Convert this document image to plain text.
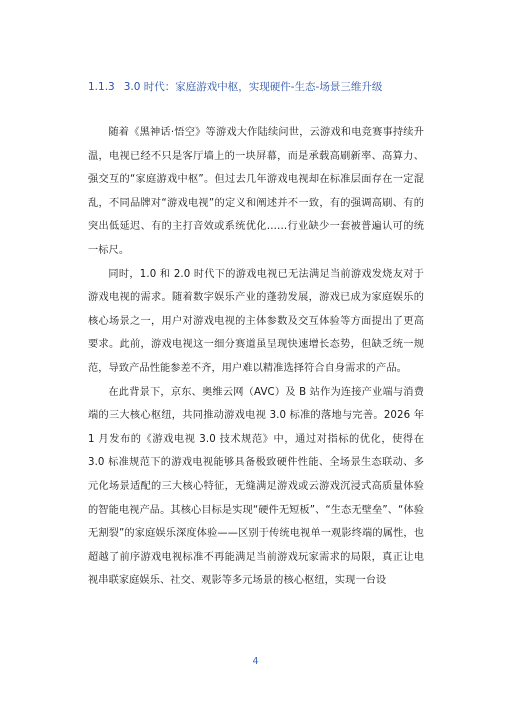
1.1.3 3.0 时代：家庭游戏中枢，实现硬件-生态-场景三维升级

随着《黑神话·悟空》等游戏大作陆续问世，云游戏和电竞赛事持续升温，电视已经不只是客厅墙上的一块屏幕，而是承载高刷新率、高算力、强交互的“家庭游戏中枢”。但过去几年游戏电视却在标准层面存在一定混乱，不同品牌对“游戏电视”的定义和阐述并不一致，有的强调高刷、有的突出低延迟、有的主打音效或系统优化……行业缺少一套被普遍认可的统一标尺。

同时，1.0 和 2.0 时代下的游戏电视已无法满足当前游戏发烧友对于游戏电视的需求。随着数字娱乐产业的蓬勃发展，游戏已成为家庭娱乐的核心场景之一，用户对游戏电视的主体参数及交互体验等方面提出了更高要求。此前，游戏电视这一细分赛道虽呈现快速增长态势，但缺乏统一规范，导致产品性能参差不齐，用户难以精准选择符合自身需求的产品。

在此背景下，京东、奥维云网（AVC）及 B 站作为连接产业端与消费端的三大核心枢纽，共同推动游戏电视 3.0 标准的落地与完善。2026 年 1 月发布的《游戏电视 3.0 技术规范》中，通过对指标的优化，使得在 3.0 标准规范下的游戏电视能够具备极致硬件性能、全场景生态联动、多元化场景适配的三大核心特征，无缝满足游戏或云游戏沉浸式高质量体验的智能电视产品。其核心目标是实现“硬件无短板”、“生态无壁垒”、“体验无割裂”的家庭娱乐深度体验——区别于传统电视单一观影终端的属性，也超越了前序游戏电视标准不再能满足当前游戏玩家需求的局限，真正让电视串联家庭娱乐、社交、观影等多元场景的核心枢纽，实现一台设

4
